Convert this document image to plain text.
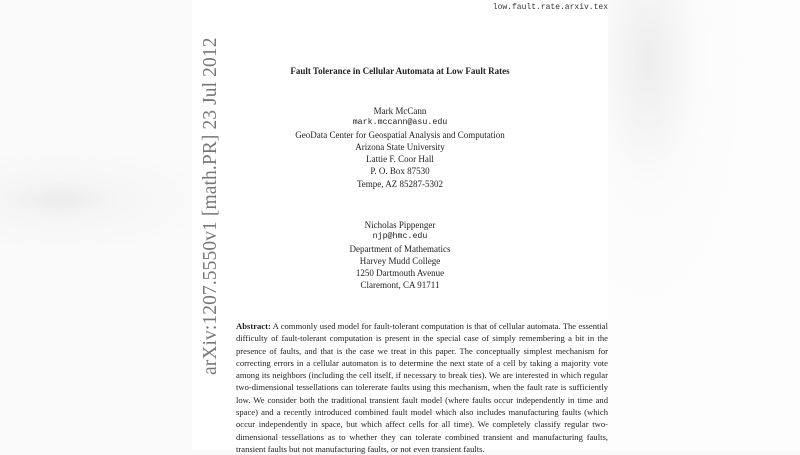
low.fault.rate.arxiv.tex
Fault Tolerance in Cellular Automata at Low Fault Rates
Mark McCann
mark.mccann@asu.edu
GeoData Center for Geospatial Analysis and Computation
Arizona State University
Lattie F. Coor Hall
P. O. Box 87530
Tempe, AZ 85287-5302
Nicholas Pippenger
njp@hmc.edu
Department of Mathematics
Harvey Mudd College
1250 Dartmouth Avenue
Claremont, CA 91711
Abstract: A commonly used model for fault-tolerant computation is that of cellular automata. The essential difficulty of fault-tolerant computation is present in the special case of simply remembering a bit in the presence of faults, and that is the case we treat in this paper. The conceptually simplest mechanism for correcting errors in a cellular automaton is to determine the next state of a cell by taking a majority vote among its neighbors (including the cell itself, if necessary to break ties). We are interested in which regular two-dimensional tessellations can tolererate faults using this mechanism, when the fault rate is sufficiently low. We consider both the traditional transient fault model (where faults occur independently in time and space) and a recently introduced combined fault model which also includes manufacturing faults (which occur independently in space, but which affect cells for all time). We completely classify regular two-dimensional tessellations as to whether they can tolerate combined transient and manufacturing faults, transient faults but not manufacturing faults, or not even transient faults.
arXiv:1207.5550v1 [math.PR] 23 Jul 2012
